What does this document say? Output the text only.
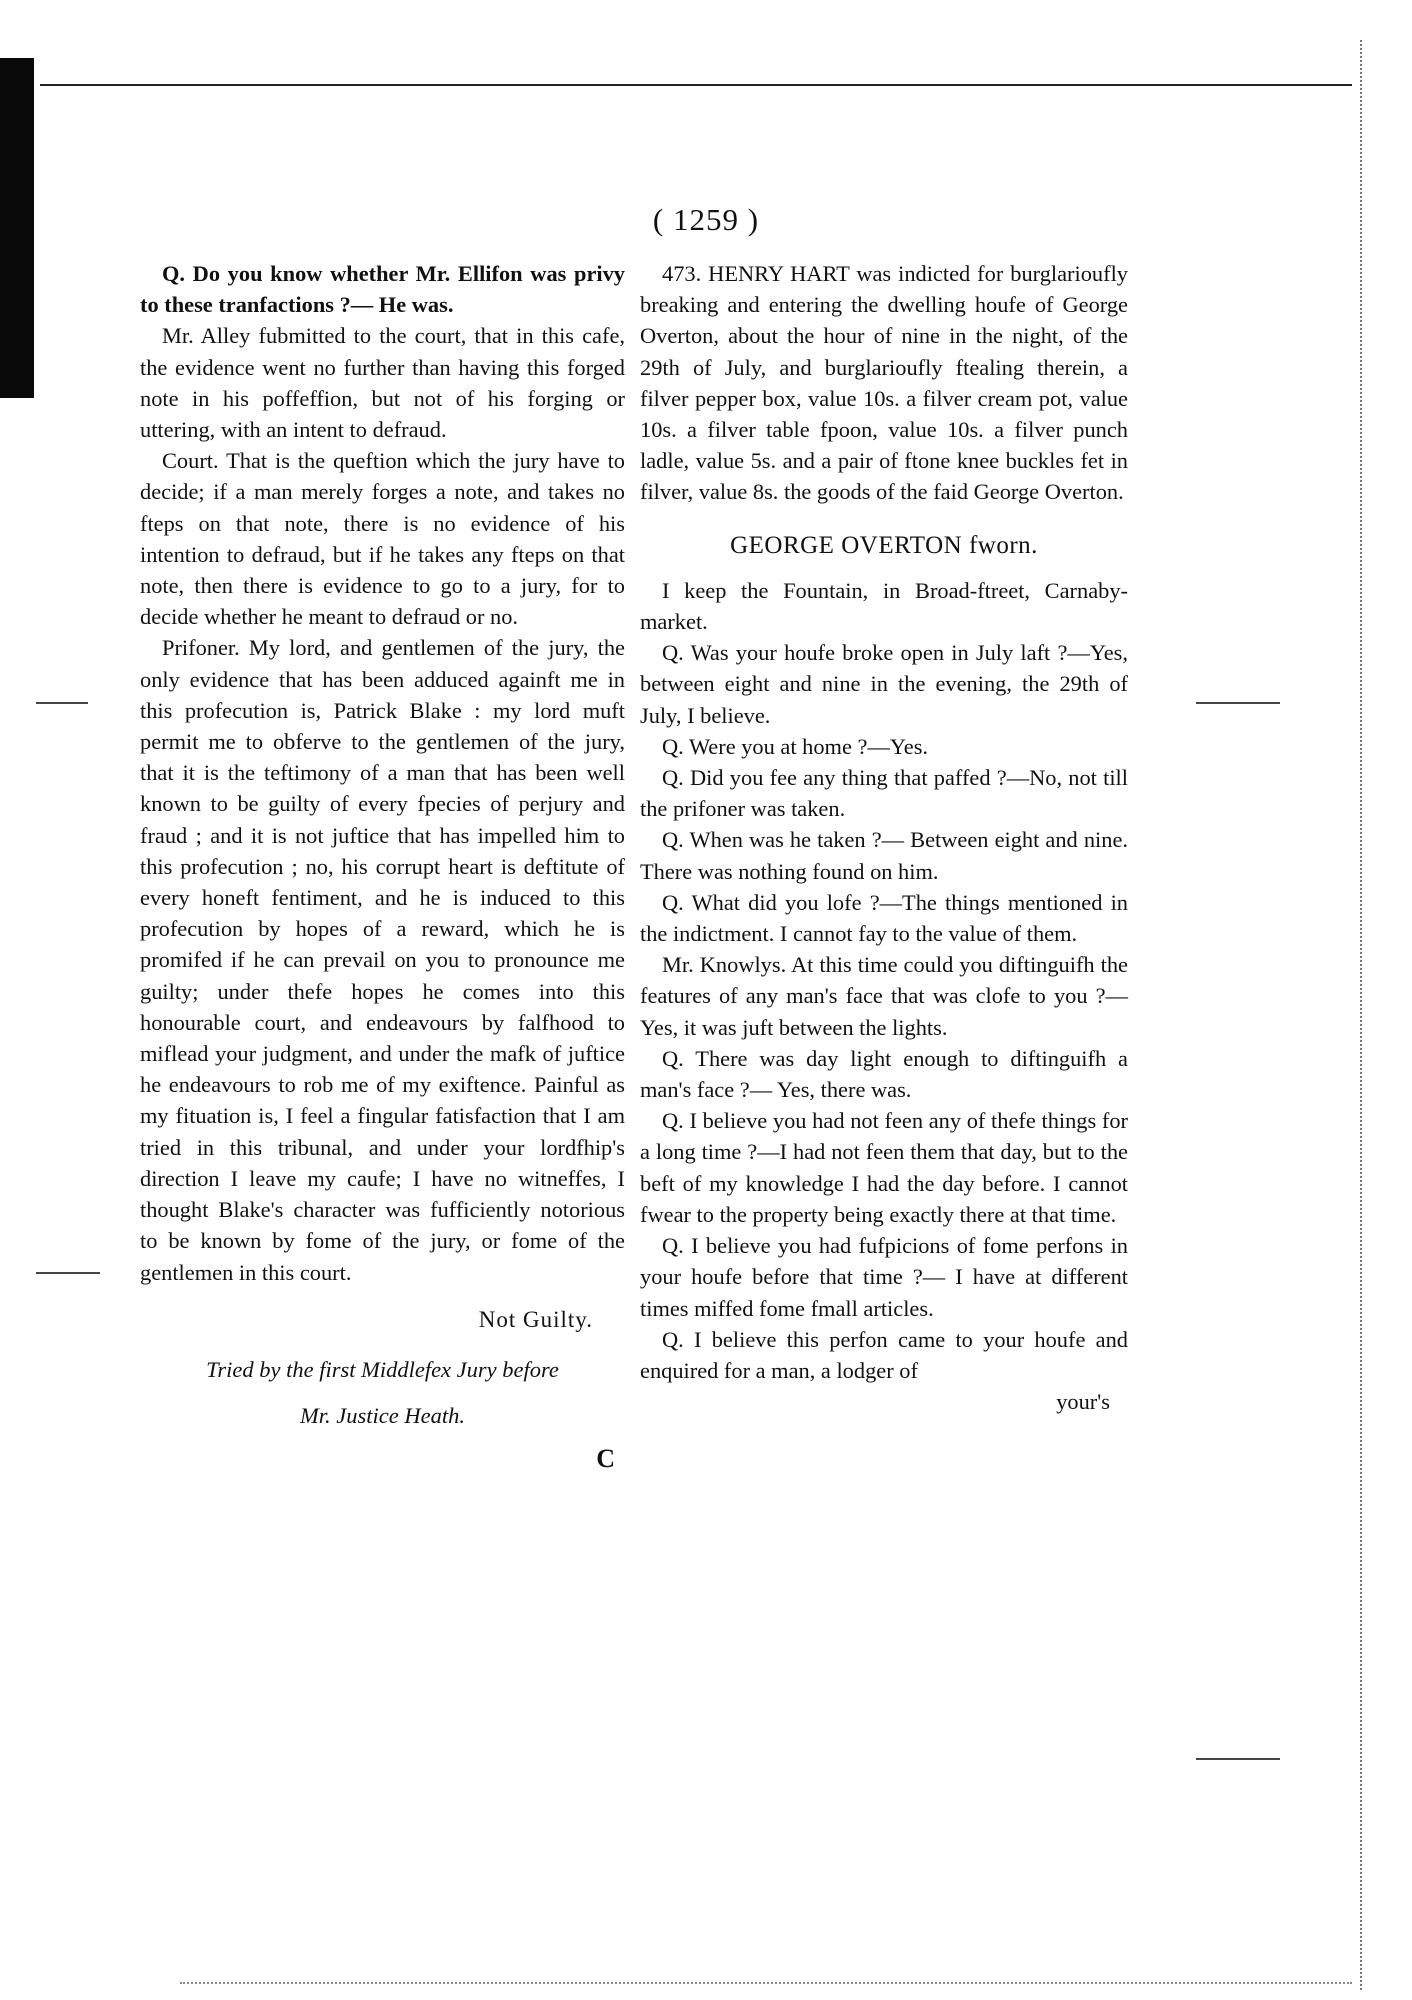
( 1259 )

Q. Do you know whether Mr. Ellifon was privy to these tranfactions ?— He was.

Mr. Alley fubmitted to the court, that in this cafe, the evidence went no further than having this forged note in his poffeffion, but not of his forging or uttering, with an intent to defraud.

Court. That is the queftion which the jury have to decide; if a man merely forges a note, and takes no fteps on that note, there is no evidence of his intention to defraud, but if he takes any fteps on that note, then there is evidence to go to a jury, for to decide whether he meant to defraud or no.

Prifoner. My lord, and gentlemen of the jury, the only evidence that has been adduced againft me in this profecution is, Patrick Blake : my lord muft permit me to obferve to the gentlemen of the jury, that it is the teftimony of a man that has been well known to be guilty of every fpecies of perjury and fraud ; and it is not juftice that has impelled him to this profecution ; no, his corrupt heart is deftitute of every honeft fentiment, and he is induced to this profecution by hopes of a reward, which he is promifed if he can prevail on you to pronounce me guilty; under thefe hopes he comes into this honourable court, and endeavours by falfhood to miflead your judgment, and under the mafk of juftice he endeavours to rob me of my exiftence. Painful as my fituation is, I feel a fingular fatisfaction that I am tried in this tribunal, and under your lordfhip's direction I leave my caufe; I have no witneffes, I thought Blake's character was fufficiently notorious to be known by fome of the jury, or fome of the gentlemen in this court.

Not Guilty.

Tried by the first Middlefex Jury before
Mr. Justice Heath.

C

473. HENRY HART was indicted for burglarioufly breaking and entering the dwelling houfe of George Overton, about the hour of nine in the night, of the 29th of July, and burglarioufly ftealing therein, a filver pepper box, value 10s. a filver cream pot, value 10s. a filver table fpoon, value 10s. a filver punch ladle, value 5s. and a pair of ftone knee buckles fet in filver, value 8s. the goods of the faid George Overton.

GEORGE OVERTON fworn.

I keep the Fountain, in Broad-ftreet, Carnaby-market.

Q. Was your houfe broke open in July laft ?—Yes, between eight and nine in the evening, the 29th of July, I believe.

Q. Were you at home ?—Yes.

Q. Did you fee any thing that paffed ?—No, not till the prifoner was taken.

Q. When was he taken ?— Between eight and nine. There was nothing found on him.

Q. What did you lofe ?—The things mentioned in the indictment. I cannot fay to the value of them.

Mr. Knowlys. At this time could you diftinguifh the features of any man's face that was clofe to you ?—Yes, it was juft between the lights.

Q. There was day light enough to diftinguifh a man's face ?— Yes, there was.

Q. I believe you had not feen any of thefe things for a long time ?—I had not feen them that day, but to the beft of my knowledge I had the day before. I cannot fwear to the property being exactly there at that time.

Q. I believe you had fufpicions of fome perfons in your houfe before that time ?— I have at different times miffed fome fmall articles.

Q. I believe this perfon came to your houfe and enquired for a man, a lodger of

your's
